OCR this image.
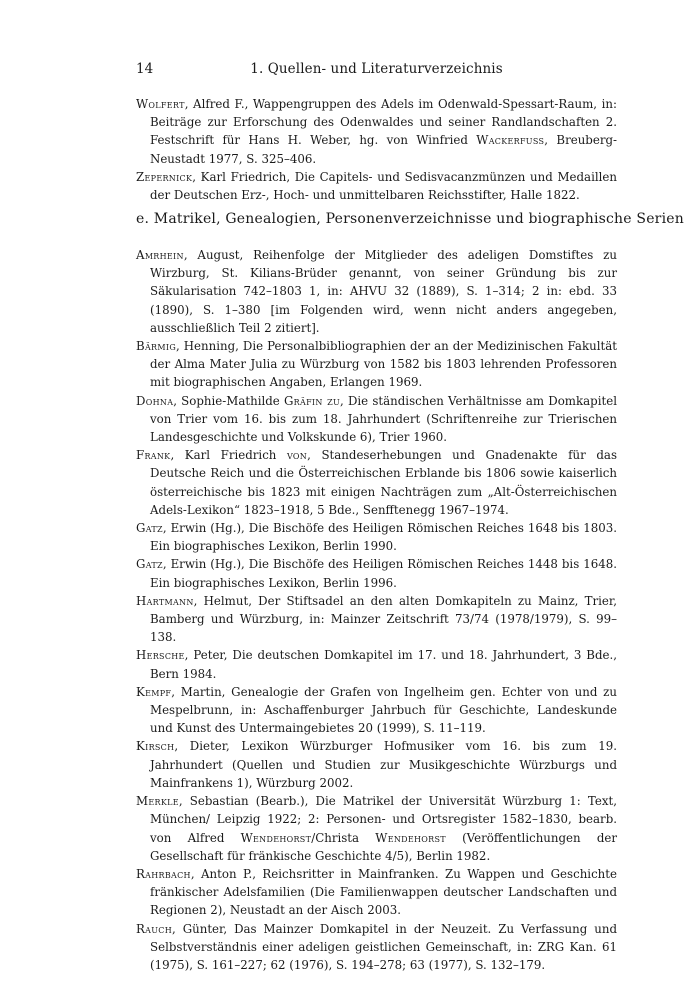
14	1. Quellen- und Literaturverzeichnis

Wolfert, Alfred F., Wappengruppen des Adels im Odenwald-Spessart-Raum, in: Beiträge zur Erforschung des Odenwaldes und seiner Randlandschaften 2. Festschrift für Hans H. Weber, hg. von Winfried Wackerfuss, Breuberg-Neustadt 1977, S. 325–406.

Zepernick, Karl Friedrich, Die Capitels- und Sedisvacanzmünzen und Medaillen der Deutschen Erz-, Hoch- und unmittelbaren Reichsstifter, Halle 1822.

e. Matrikel, Genealogien, Personenverzeichnisse und biographische Serien

Amrhein, August, Reihenfolge der Mitglieder des adeligen Domstiftes zu Wirzburg, St. Kilians-Brüder genannt, von seiner Gründung bis zur Säkularisation 742–1803 1, in: AHVU 32 (1889), S. 1–314; 2 in: ebd. 33 (1890), S. 1–380 [im Folgenden wird, wenn nicht anders angegeben, ausschließlich Teil 2 zitiert].

Bärmig, Henning, Die Personalbibliographien der an der Medizinischen Fakultät der Alma Mater Julia zu Würzburg von 1582 bis 1803 lehrenden Professoren mit biographischen Angaben, Erlangen 1969.

Dohna, Sophie-Mathilde Gräfin zu, Die ständischen Verhältnisse am Domkapitel von Trier vom 16. bis zum 18. Jahrhundert (Schriftenreihe zur Trierischen Landesgeschichte und Volkskunde 6), Trier 1960.

Frank, Karl Friedrich von, Standeserhebungen und Gnadenakte für das Deutsche Reich und die Österreichischen Erblande bis 1806 sowie kaiserlich österreichische bis 1823 mit einigen Nachträgen zum „Alt-Österreichischen Adels-Lexikon“ 1823–1918, 5 Bde., Senfftenegg 1967–1974.

Gatz, Erwin (Hg.), Die Bischöfe des Heiligen Römischen Reiches 1648 bis 1803. Ein biographisches Lexikon, Berlin 1990.

Gatz, Erwin (Hg.), Die Bischöfe des Heiligen Römischen Reiches 1448 bis 1648. Ein biographisches Lexikon, Berlin 1996.

Hartmann, Helmut, Der Stiftsadel an den alten Domkapiteln zu Mainz, Trier, Bamberg und Würzburg, in: Mainzer Zeitschrift 73/74 (1978/1979), S. 99–138.

Hersche, Peter, Die deutschen Domkapitel im 17. und 18. Jahrhundert, 3 Bde., Bern 1984.

Kempf, Martin, Genealogie der Grafen von Ingelheim gen. Echter von und zu Mespelbrunn, in: Aschaffenburger Jahrbuch für Geschichte, Landeskunde und Kunst des Untermaingebietes 20 (1999), S. 11–119.

Kirsch, Dieter, Lexikon Würzburger Hofmusiker vom 16. bis zum 19. Jahrhundert (Quellen und Studien zur Musikgeschichte Würzburgs und Mainfrankens 1), Würzburg 2002.

Merkle, Sebastian (Bearb.), Die Matrikel der Universität Würzburg 1: Text, München/ Leipzig 1922; 2: Personen- und Ortsregister 1582–1830, bearb. von Alfred Wendehorst/Christa Wendehorst (Veröffentlichungen der Gesellschaft für fränkische Geschichte 4/5), Berlin 1982.

Rahrbach, Anton P., Reichsritter in Mainfranken. Zu Wappen und Geschichte fränkischer Adelsfamilien (Die Familienwappen deutscher Landschaften und Regionen 2), Neustadt an der Aisch 2003.

Rauch, Günter, Das Mainzer Domkapitel in der Neuzeit. Zu Verfassung und Selbstverständnis einer adeligen geistlichen Gemeinschaft, in: ZRG Kan. 61 (1975), S. 161–227; 62 (1976), S. 194–278; 63 (1977), S. 132–179.
